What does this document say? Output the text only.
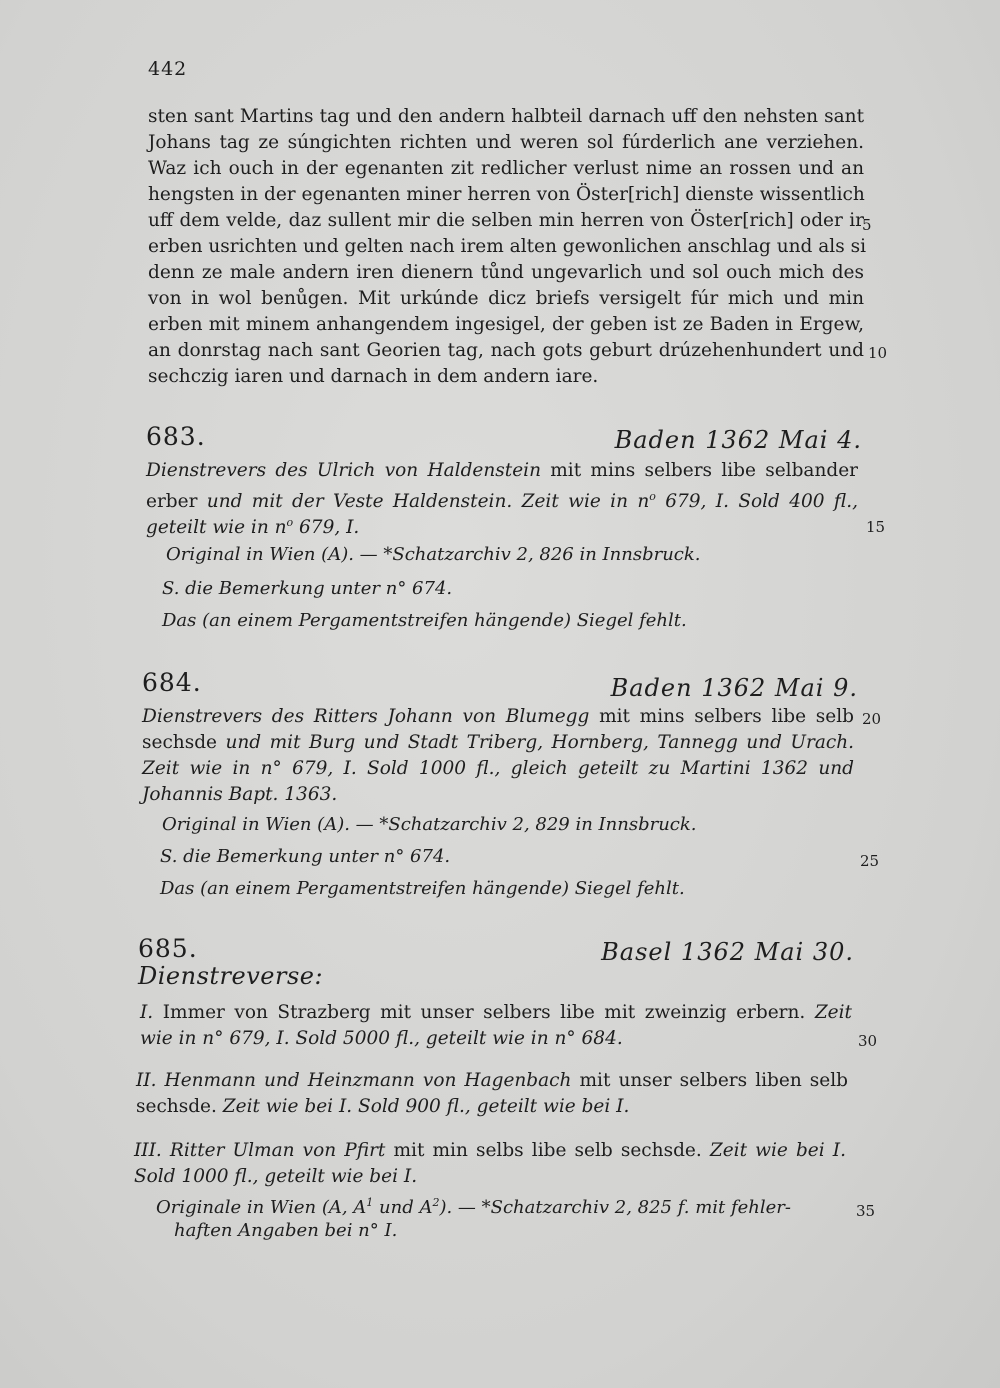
442
sten sant Martins tag und den andern halbteil darnach uff den nehsten sant
Johans tag ze súngichten richten und weren sol fúrderlich ane verziehen.
Waz ich ouch in der egenanten zit redlicher verlust nime an rossen und an
hengsten in der egenanten miner herren von Öster[rich] dienste wissentlich
uff dem velde, daz sullent mir die selben min herren von Öster[rich] oder ir
erben usrichten und gelten nach irem alten gewonlichen anschlag und als si
denn ze male andern iren dienern tůnd ungevarlich und sol ouch mich des
von in wol benůgen. Mit urkúnde dicz briefs versigelt fúr mich und min
erben mit minem anhangendem ingesigel, der geben ist ze Baden in Ergew,
an donrstag nach sant Georien tag, nach gots geburt drúzehenhundert und
sechczig iaren und darnach in dem andern iare.
5
10
683.	Baden 1362 Mai 4.
Dienstrevers des Ulrich von Haldenstein mit mins selbers libe selbander
erber und mit der Veste Haldenstein. Zeit wie in $n^o$ 679, I. Sold 400 fl.,
geteilt wie in $n^o$ 679, I.	15
Original in Wien (A). — *Schatzarchiv 2, 826 in Innsbruck.
S. die Bemerkung unter n° 674.
Das (an einem Pergamentstreifen hängende) Siegel fehlt.
684.	Baden 1362 Mai 9.
Dienstrevers des Ritters Johann von Blumegg mit mins selbers libe selb 20
sechsde und mit Burg und Stadt Triberg, Hornberg, Tannegg und Urach.
Zeit wie in n° 679, I. Sold 1000 fl., gleich geteilt zu Martini 1362 und
Johannis Bapt. 1363.
Original in Wien (A). — *Schatzarchiv 2, 829 in Innsbruck.
S. die Bemerkung unter n° 674.	25
Das (an einem Pergamentstreifen hängende) Siegel fehlt.
685.	Basel 1362 Mai 30.
Dienstreverse:
I. Immer von Strazberg mit unser selbers libe mit zweinzig erbern. Zeit
wie in n° 679, I. Sold 5000 fl., geteilt wie in n° 684.	30
II. Henmann und Heinzmann von Hagenbach mit unser selbers liben selb
sechsde. Zeit wie bei I. Sold 900 fl., geteilt wie bei I.
III. Ritter Ulman von Pfirt mit min selbs libe selb sechsde. Zeit wie bei I.
Sold 1000 fl., geteilt wie bei I.
Originale in Wien (A, $A^1$ und $A^2$). — *Schatzarchiv 2, 825 f. mit fehler-	35
haften Angaben bei n° I.
